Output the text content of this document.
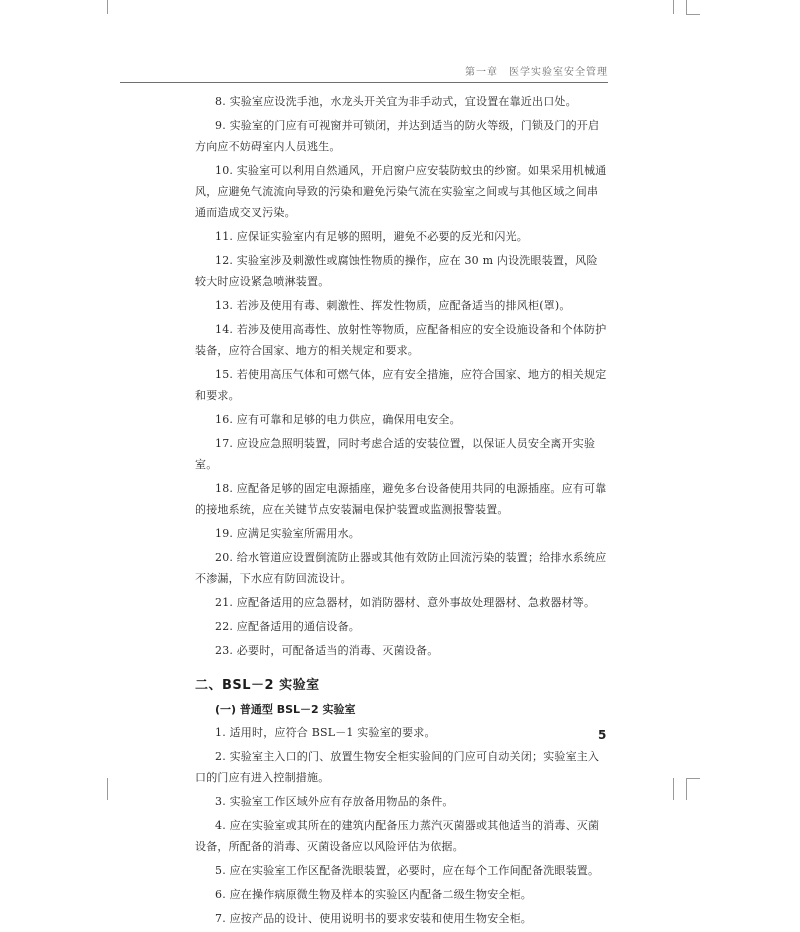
第一章　医学实验室安全管理

8. 实验室应设洗手池，水龙头开关宜为非手动式，宜设置在靠近出口处。

9. 实验室的门应有可视窗并可锁闭，并达到适当的防火等级，门锁及门的开启方向应不妨碍室内人员逃生。

10. 实验室可以利用自然通风，开启窗户应安装防蚊虫的纱窗。如果采用机械通风，应避免气流流向导致的污染和避免污染气流在实验室之间或与其他区域之间串通而造成交叉污染。

11. 应保证实验室内有足够的照明，避免不必要的反光和闪光。

12. 实验室涉及刺激性或腐蚀性物质的操作，应在 30 m 内设洗眼装置，风险较大时应设紧急喷淋装置。

13. 若涉及使用有毒、刺激性、挥发性物质，应配备适当的排风柜(罩)。

14. 若涉及使用高毒性、放射性等物质，应配备相应的安全设施设备和个体防护装备，应符合国家、地方的相关规定和要求。

15. 若使用高压气体和可燃气体，应有安全措施，应符合国家、地方的相关规定和要求。

16. 应有可靠和足够的电力供应，确保用电安全。

17. 应设应急照明装置，同时考虑合适的安装位置，以保证人员安全离开实验室。

18. 应配备足够的固定电源插座，避免多台设备使用共同的电源插座。应有可靠的接地系统，应在关键节点安装漏电保护装置或监测报警装置。

19. 应满足实验室所需用水。

20. 给水管道应设置倒流防止器或其他有效防止回流污染的装置；给排水系统应不渗漏，下水应有防回流设计。

21. 应配备适用的应急器材，如消防器材、意外事故处理器材、急救器材等。

22. 应配备适用的通信设备。

23. 必要时，可配备适当的消毒、灭菌设备。

二、BSL－2 实验室
(一) 普通型 BSL－2 实验室

1. 适用时，应符合 BSL－1 实验室的要求。

2. 实验室主入口的门、放置生物安全柜实验间的门应可自动关闭；实验室主入口的门应有进入控制措施。

3. 实验室工作区域外应有存放备用物品的条件。

4. 应在实验室或其所在的建筑内配备压力蒸汽灭菌器或其他适当的消毒、灭菌设备，所配备的消毒、灭菌设备应以风险评估为依据。

5. 应在实验室工作区配备洗眼装置，必要时，应在每个工作间配备洗眼装置。

6. 应在操作病原微生物及样本的实验区内配备二级生物安全柜。

7. 应按产品的设计、使用说明书的要求安装和使用生物安全柜。

5
